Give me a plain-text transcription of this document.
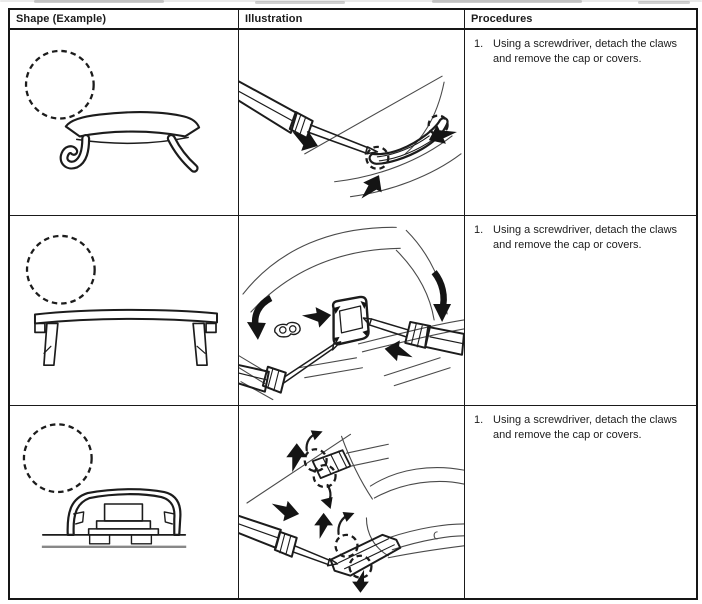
Shape (Example)	Illustration	Procedures
1. Using a screwdriver, detach the claws and remove the cap or covers.
1. Using a screwdriver, detach the claws and remove the cap or covers.
1. Using a screwdriver, detach the claws and remove the cap or covers.
